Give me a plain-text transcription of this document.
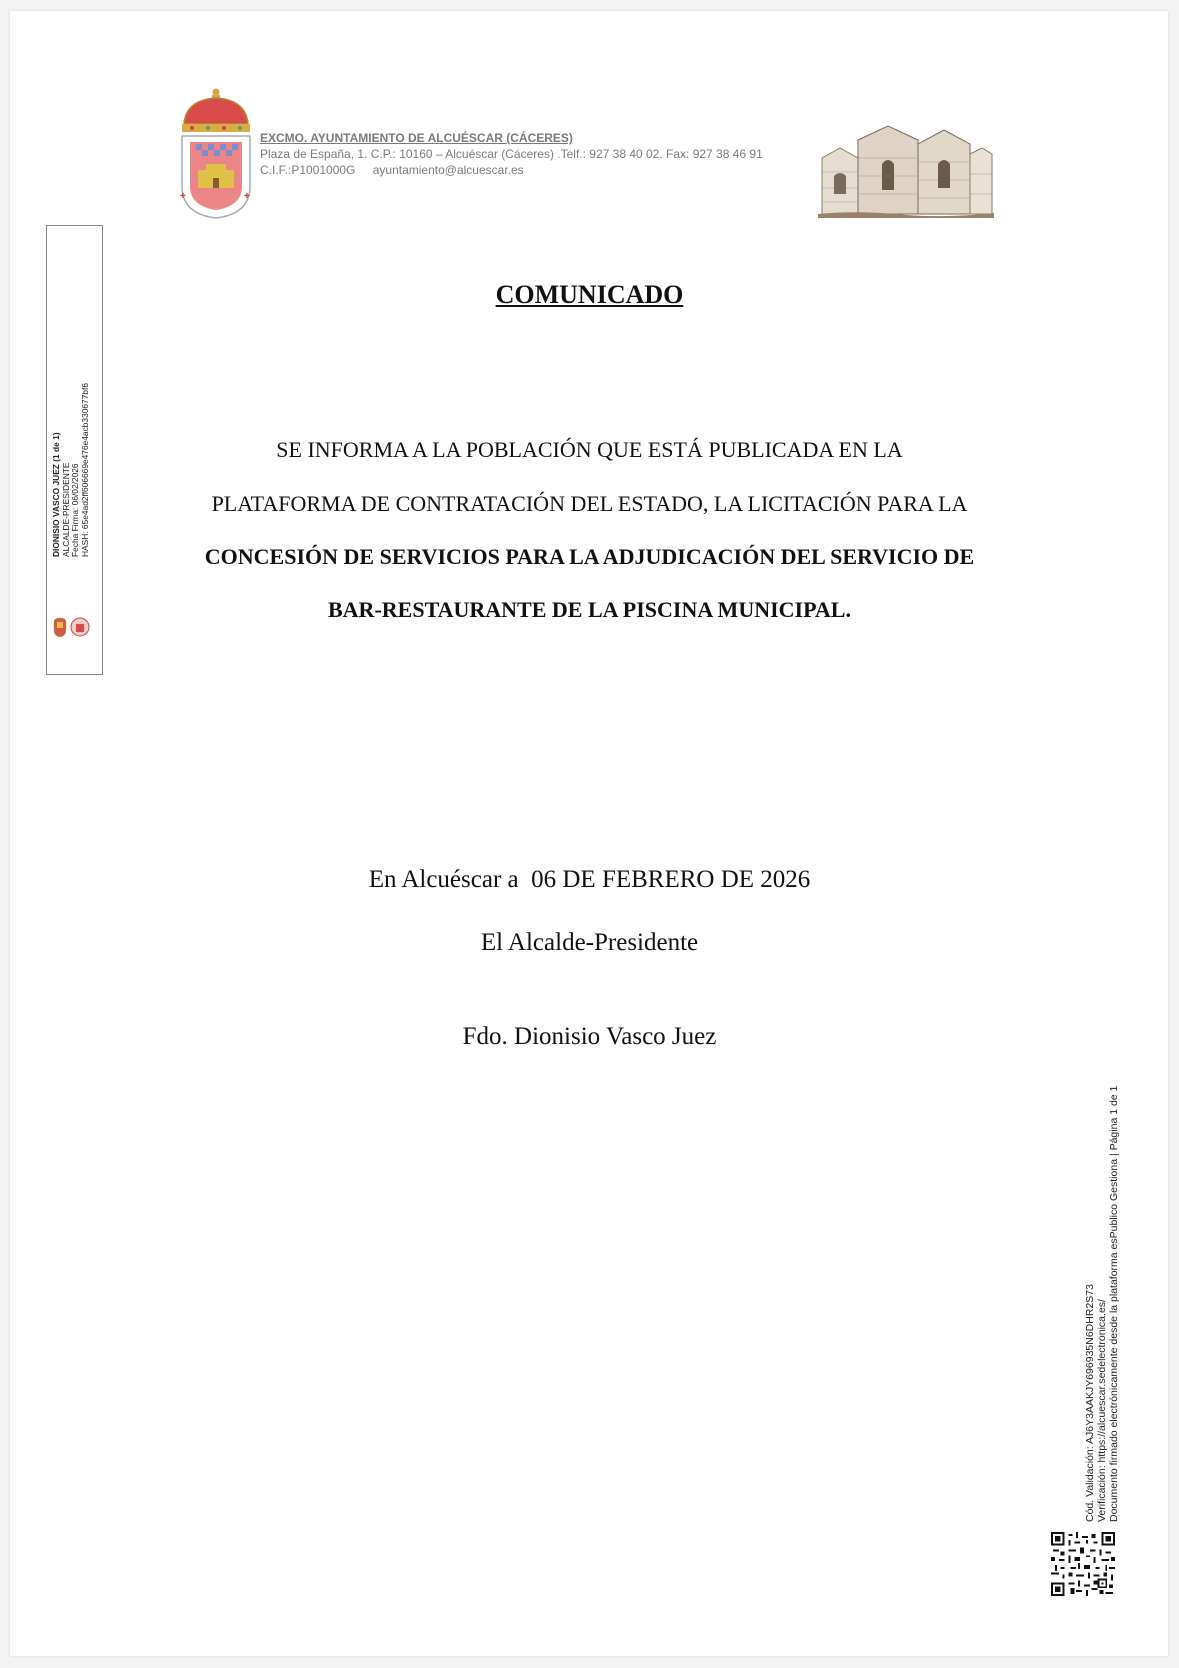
✚	✚
EXCMO. AYUNTAMIENTO DE ALCUÉSCAR (CÁCERES)
Plaza de España, 1. C.P.: 10160 – Alcuéscar (Cáceres) .Telf.: 927 38 40 02. Fax: 927 38 46 91
C.I.F.:P1001000G ayuntamiento@alcuescar.es
DIONISIO VASCO JUEZ (1 de 1) ALCALDE-PRESIDENTE Fecha Firma: 06/02/2026 HASH: 65e4ad2ff606669e476e4acb330677bf6
COMUNICADO
SE INFORMA A LA POBLACIÓN QUE ESTÁ PUBLICADA EN LA
PLATAFORMA DE CONTRATACIÓN DEL ESTADO, LA LICITACIÓN PARA LA
CONCESIÓN DE SERVICIOS PARA LA ADJUDICACIÓN DEL SERVICIO DE
BAR-RESTAURANTE DE LA PISCINA MUNICIPAL.
En Alcuéscar a  06 DE FEBRERO DE 2026
El Alcalde-Presidente
Fdo. Dionisio Vasco Juez
Cód. Validación: AJ6Y3AAKJY696935N6DHR2S73 Verificación: https://alcuescar.sedelectronica.es/ Documento firmado electrónicamente desde la plataforma esPublico Gestiona | Página 1 de 1
